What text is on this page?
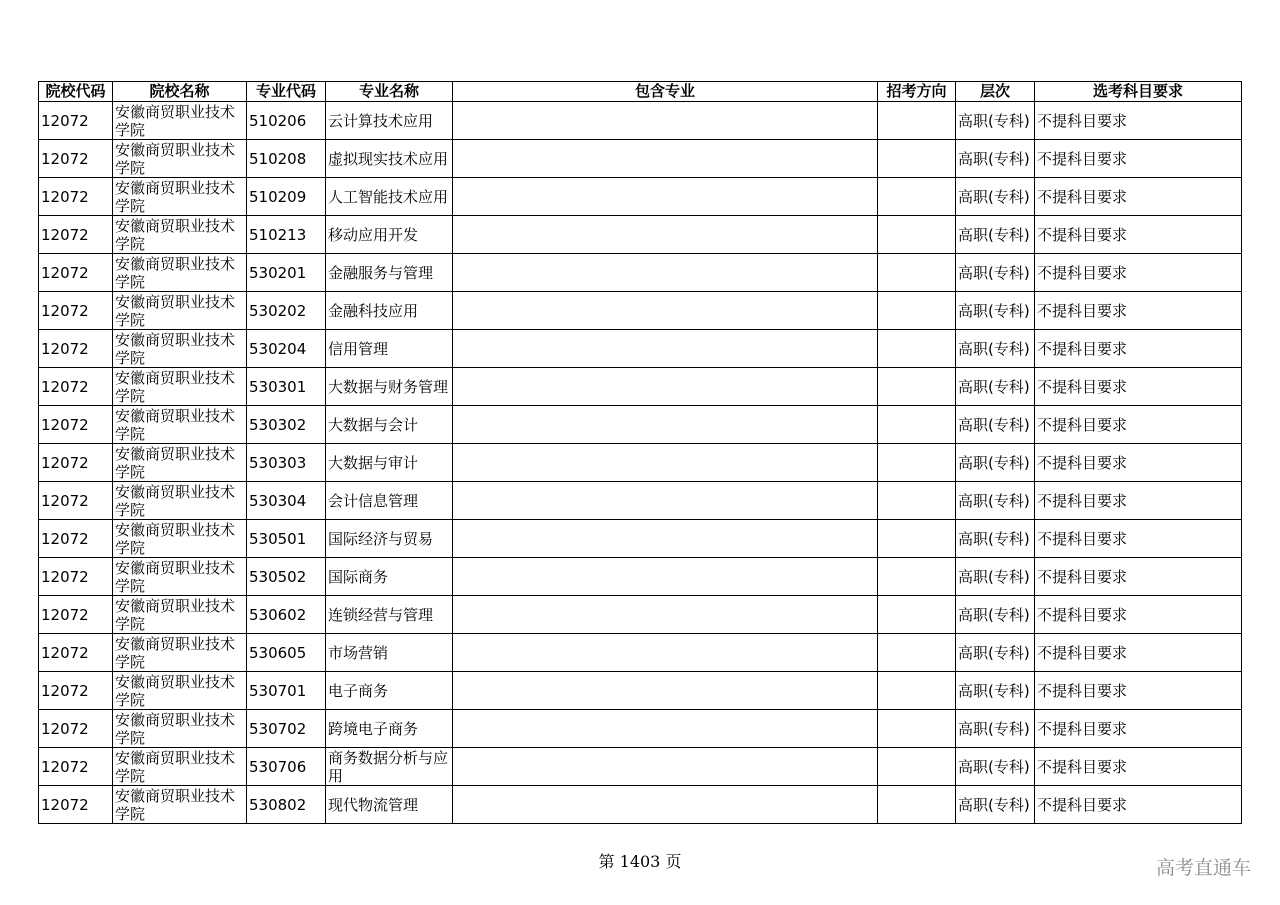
院校代码	院校名称	专业代码	专业名称	包含专业	招考方向	层次	选考科目要求
12072	安徽商贸职业技术学院	510206	云计算技术应用			高职(专科)	不提科目要求
12072	安徽商贸职业技术学院	510208	虚拟现实技术应用			高职(专科)	不提科目要求
12072	安徽商贸职业技术学院	510209	人工智能技术应用			高职(专科)	不提科目要求
12072	安徽商贸职业技术学院	510213	移动应用开发			高职(专科)	不提科目要求
12072	安徽商贸职业技术学院	530201	金融服务与管理			高职(专科)	不提科目要求
12072	安徽商贸职业技术学院	530202	金融科技应用			高职(专科)	不提科目要求
12072	安徽商贸职业技术学院	530204	信用管理			高职(专科)	不提科目要求
12072	安徽商贸职业技术学院	530301	大数据与财务管理			高职(专科)	不提科目要求
12072	安徽商贸职业技术学院	530302	大数据与会计			高职(专科)	不提科目要求
12072	安徽商贸职业技术学院	530303	大数据与审计			高职(专科)	不提科目要求
12072	安徽商贸职业技术学院	530304	会计信息管理			高职(专科)	不提科目要求
12072	安徽商贸职业技术学院	530501	国际经济与贸易			高职(专科)	不提科目要求
12072	安徽商贸职业技术学院	530502	国际商务			高职(专科)	不提科目要求
12072	安徽商贸职业技术学院	530602	连锁经营与管理			高职(专科)	不提科目要求
12072	安徽商贸职业技术学院	530605	市场营销			高职(专科)	不提科目要求
12072	安徽商贸职业技术学院	530701	电子商务			高职(专科)	不提科目要求
12072	安徽商贸职业技术学院	530702	跨境电子商务			高职(专科)	不提科目要求
12072	安徽商贸职业技术学院	530706	商务数据分析与应用			高职(专科)	不提科目要求
12072	安徽商贸职业技术学院	530802	现代物流管理			高职(专科)	不提科目要求
第 1403 页	高考直通车
